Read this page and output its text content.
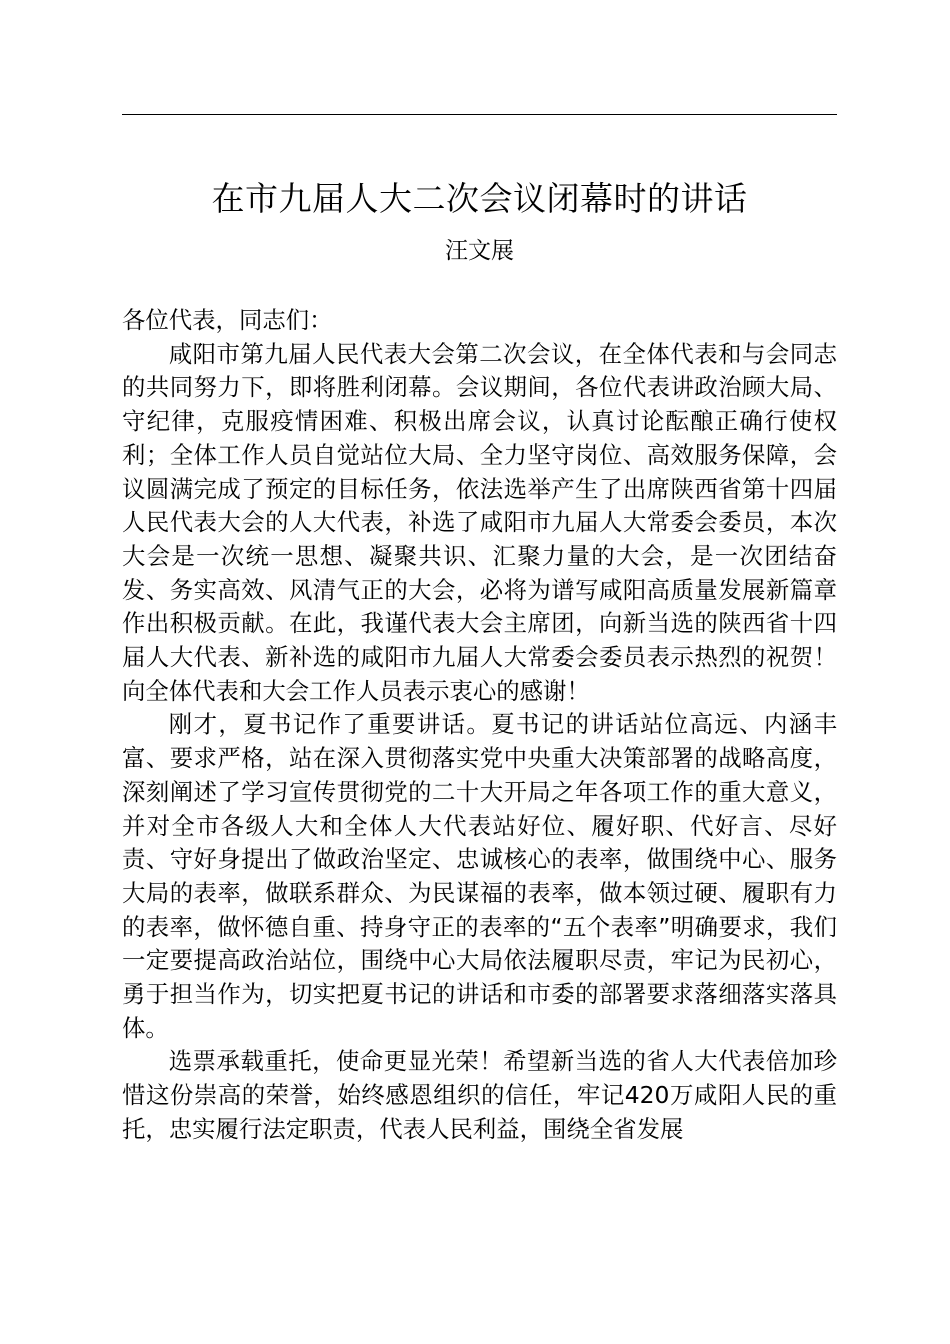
在市九届人大二次会议闭幕时的讲话
汪文展

各位代表，同志们：

咸阳市第九届人民代表大会第二次会议，在全体代表和与会同志的共同努力下，即将胜利闭幕。会议期间，各位代表讲政治顾大局、守纪律，克服疫情困难、积极出席会议，认真讨论酝酿正确行使权利；全体工作人员自觉站位大局、全力坚守岗位、高效服务保障，会议圆满完成了预定的目标任务，依法选举产生了出席陕西省第十四届人民代表大会的人大代表，补选了咸阳市九届人大常委会委员，本次大会是一次统一思想、凝聚共识、汇聚力量的大会，是一次团结奋发、务实高效、风清气正的大会，必将为谱写咸阳高质量发展新篇章作出积极贡献。在此，我谨代表大会主席团，向新当选的陕西省十四届人大代表、新补选的咸阳市九届人大常委会委员表示热烈的祝贺！向全体代表和大会工作人员表示衷心的感谢！

刚才，夏书记作了重要讲话。夏书记的讲话站位高远、内涵丰富、要求严格，站在深入贯彻落实党中央重大决策部署的战略高度，深刻阐述了学习宣传贯彻党的二十大开局之年各项工作的重大意义，并对全市各级人大和全体人大代表站好位、履好职、代好言、尽好责、守好身提出了做政治坚定、忠诚核心的表率，做围绕中心、服务大局的表率，做联系群众、为民谋福的表率，做本领过硬、履职有力的表率，做怀德自重、持身守正的表率的“五个表率”明确要求，我们一定要提高政治站位，围绕中心大局依法履职尽责，牢记为民初心，勇于担当作为，切实把夏书记的讲话和市委的部署要求落细落实落具体。

选票承载重托，使命更显光荣！希望新当选的省人大代表倍加珍惜这份崇高的荣誉，始终感恩组织的信任，牢记420万咸阳人民的重托，忠实履行法定职责，代表人民利益，围绕全省发展
